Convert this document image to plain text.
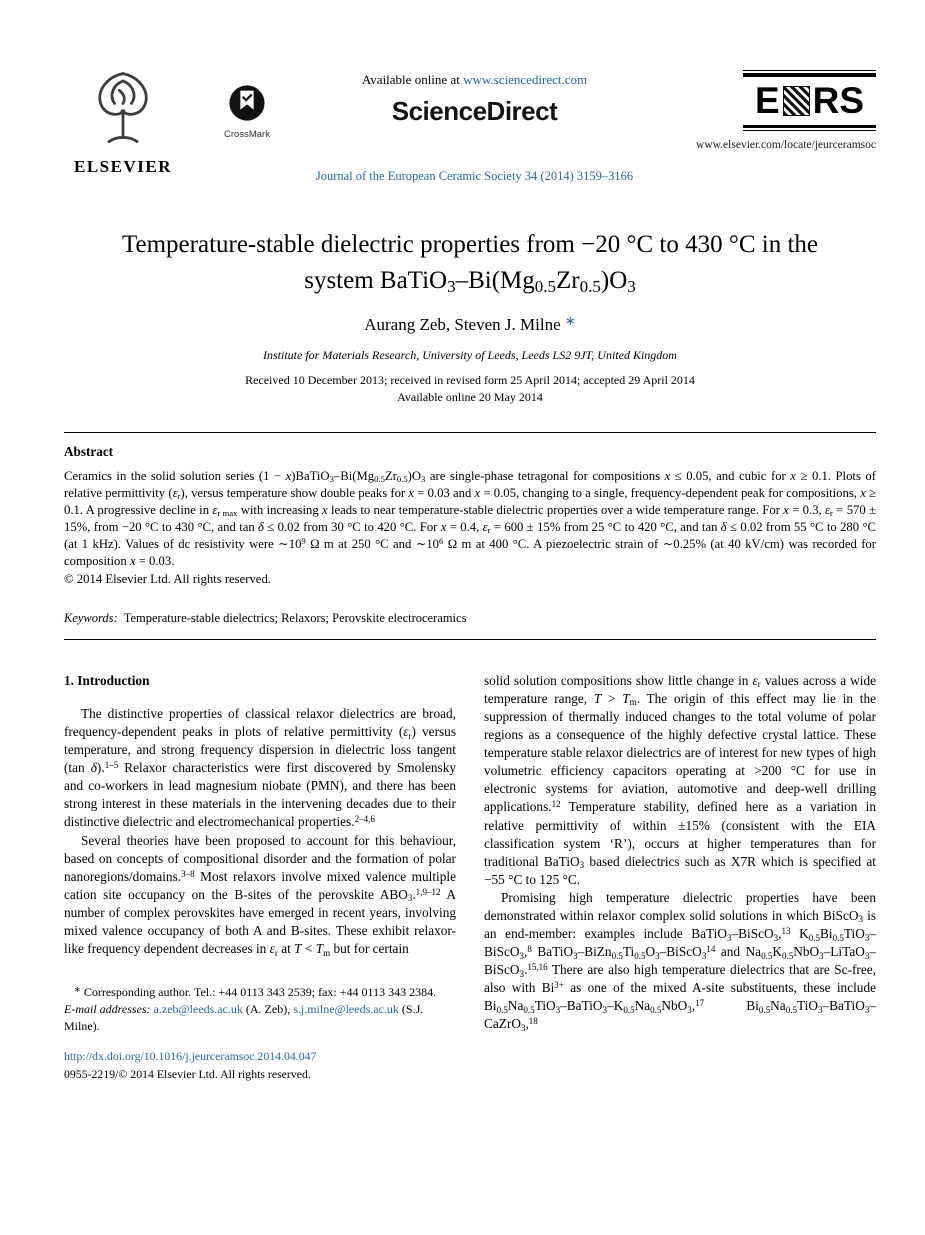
ELSEVIER
CrossMark
Available online at www.sciencedirect.com
ScienceDirect

Journal of the European Ceramic Society 34 (2014) 3159–3166
E RS
www.elsevier.com/locate/jeurceramsoc
Temperature-stable dielectric properties from −20 °C to 430 °C in the
system $BaTiO_3-Bi(Mg_{0.5}Zr_{0.5})O_3$
Aurang Zeb, Steven J. Milne ∗
Institute for Materials Research, University of Leeds, Leeds LS2 9JT, United Kingdom
Received 10 December 2013; received in revised form 25 April 2014; accepted 29 April 2014
Available online 20 May 2014
Abstract

Ceramics in the solid solution series $(1 - x)BaTiO_3-Bi(Mg_{0.5}Zr_{0.5})O_3$ are single-phase tetragonal for compositions x ≤ 0.05, and cubic for x ≥ 0.1. Plots of relative permittivity $(\varepsilon_r)$, versus temperature show double peaks for x = 0.03 and x = 0.05, changing to a single, frequency-dependent peak for compositions, x ≥ 0.1. A progressive decline in $\varepsilon_{r max}$ with increasing x leads to near temperature-stable dielectric properties over a wide temperature range. For x = 0.3, $\varepsilon_r = 570 \pm 15\%$, from −20 °C to 430 °C, and tan δ ≤ 0.02 from 30 °C to 420 °C. For x = 0.4, $\varepsilon_r = 600 \pm 15\%$ from 25 °C to 420 °C, and tan δ ≤ 0.02 from 55 °C to 280 °C (at 1 kHz). Values of dc resistivity were $\sim 10^9$ Ω m at 250 °C and $\sim 10^6$ Ω m at 400 °C. A piezoelectric strain of ∼0.25% (at 40 kV/cm) was recorded for composition x = 0.03.

© 2014 Elsevier Ltd. All rights reserved.

Keywords: Temperature-stable dielectrics; Relaxors; Perovskite electroceramics

1. Introduction

The distinctive properties of classical relaxor dielectrics are broad, frequency-dependent peaks in plots of relative permittivity $(\varepsilon_r)$ versus temperature, and strong frequency dispersion in dielectric loss tangent (tan δ).$^{1-5}$ Relaxor characteristics were first discovered by Smolensky and co-workers in lead magnesium niobate (PMN), and there has been strong interest in these materials in the intervening decades due to their distinctive dielectric and electromechanical properties.$^{2-4,6}$

Several theories have been proposed to account for this behaviour, based on concepts of compositional disorder and the formation of polar nanoregions/domains.$^{3-8}$ Most relaxors involve mixed valence multiple cation site occupancy on the B-sites of the perovskite $ABO_3.^{1,9-12}$ A number of complex perovskites have emerged in recent years, involving mixed valence occupancy of both A and B-sites. These exhibit relaxor-like frequency dependent decreases in $\varepsilon_r$ at $T < T_m$ but for certain

∗ Corresponding author. Tel.: +44 0113 343 2539; fax: +44 0113 343 2384.

E-mail addresses: a.zeb@leeds.ac.uk (A. Zeb), s.j.milne@leeds.ac.uk (S.J. Milne).

http://dx.doi.org/10.1016/j.jeurceramsoc.2014.04.047
0955-2219/© 2014 Elsevier Ltd. All rights reserved.

solid solution compositions show little change in $\varepsilon_r$ values across a wide temperature range, $T > T_m$. The origin of this effect may lie in the suppression of thermally induced changes to the total volume of polar regions as a consequence of the highly defective crystal lattice. These temperature stable relaxor dielectrics are of interest for new types of high volumetric efficiency capacitors operating at >200 °C for use in electronic systems for aviation, automotive and deep-well drilling applications.$^{12}$ Temperature stability, defined here as a variation in relative permittivity of within ±15% (consistent with the EIA classification system ‘R’), occurs at higher temperatures than for traditional BaTiO$_3$ based dielectrics such as X7R which is specified at −55 °C to 125 °C.

Promising high temperature dielectric properties have been demonstrated within relaxor complex solid solutions in which BiScO$_3$ is an end-member: examples include BaTiO$_3$–BiScO$_3$,$^{13}$ $K_{0.5}Bi_{0.5}TiO_3-BiScO_3,^8$ $BaTiO_3-BiZn_{0.5}Ti_{0.5}O_3-BiScO_3^{14}$ and $Na_{0.5}K_{0.5}NbO_3-LiTaO_3-BiScO_3.^{15,16}$ There are also high temperature dielectrics that are Sc-free, also with $Bi^{3+}$ as one of the mixed A-site substituents, these include $Bi_{0.5}Na_{0.5}TiO_3-BaTiO_3-K_{0.5}Na_{0.5}NbO_3,^{17}$ $Bi_{0.5}Na_{0.5}TiO_3-BaTiO_3-CaZrO_3,^{18}$
